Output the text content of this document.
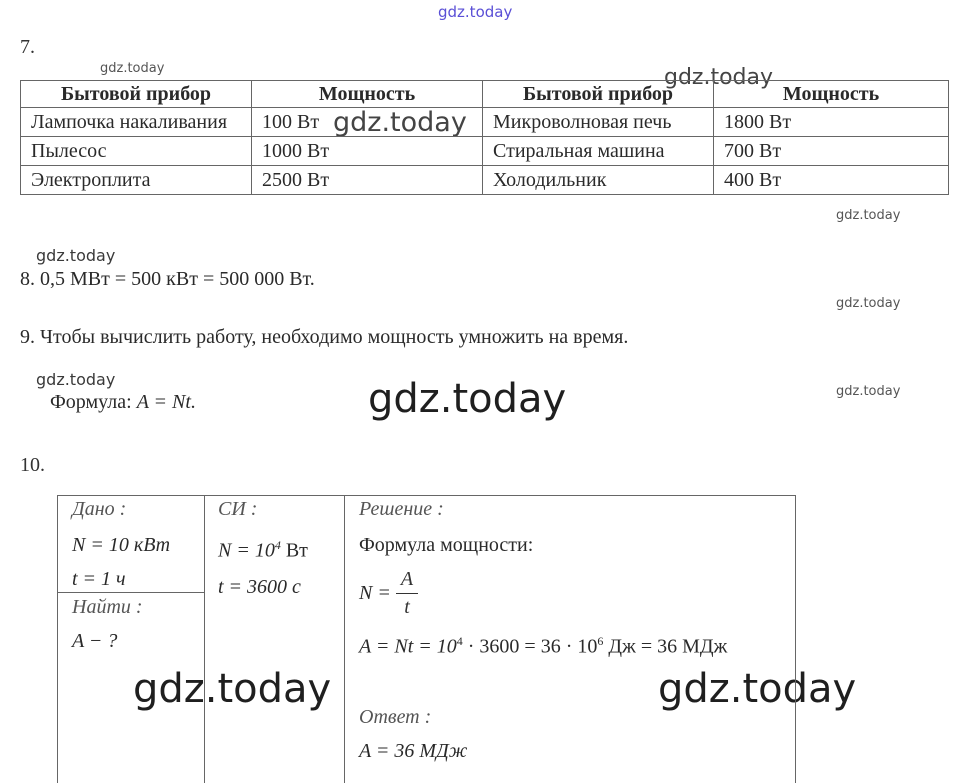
gdz.today
gdz.today	gdz.today
gdz.today
gdz.today
gdz.today
gdz.today
gdz.today
gdz.today
gdz.today
gdz.today	gdz.today
7.
Бытовой прибор	Мощность	Бытовой прибор	Мощность
Лампочка накаливания	100 Вт	Микроволновая печь	1800 Вт
Пылесос	1000 Вт	Стиральная машина	700 Вт
Электроплита	2500 Вт	Холодильник	400 Вт
8. 0,5 МВт = 500 кВт = 500 000 Вт.
9. Чтобы вычислить работу, необходимо мощность умножить на время.
Формула: A = Nt.
10.
Дано :
N = 10 кВт
t = 1 ч
Найти :
A − ?
СИ :
$N = 10^4$ Вт
t = 3600 с
Решение :
Формула мощности:
N =
A
t
$A = Nt = 10^4 \cdot 3600 = 36 \cdot 10^6$ Дж = 36 МДж
Ответ :
A = 36 МДж
